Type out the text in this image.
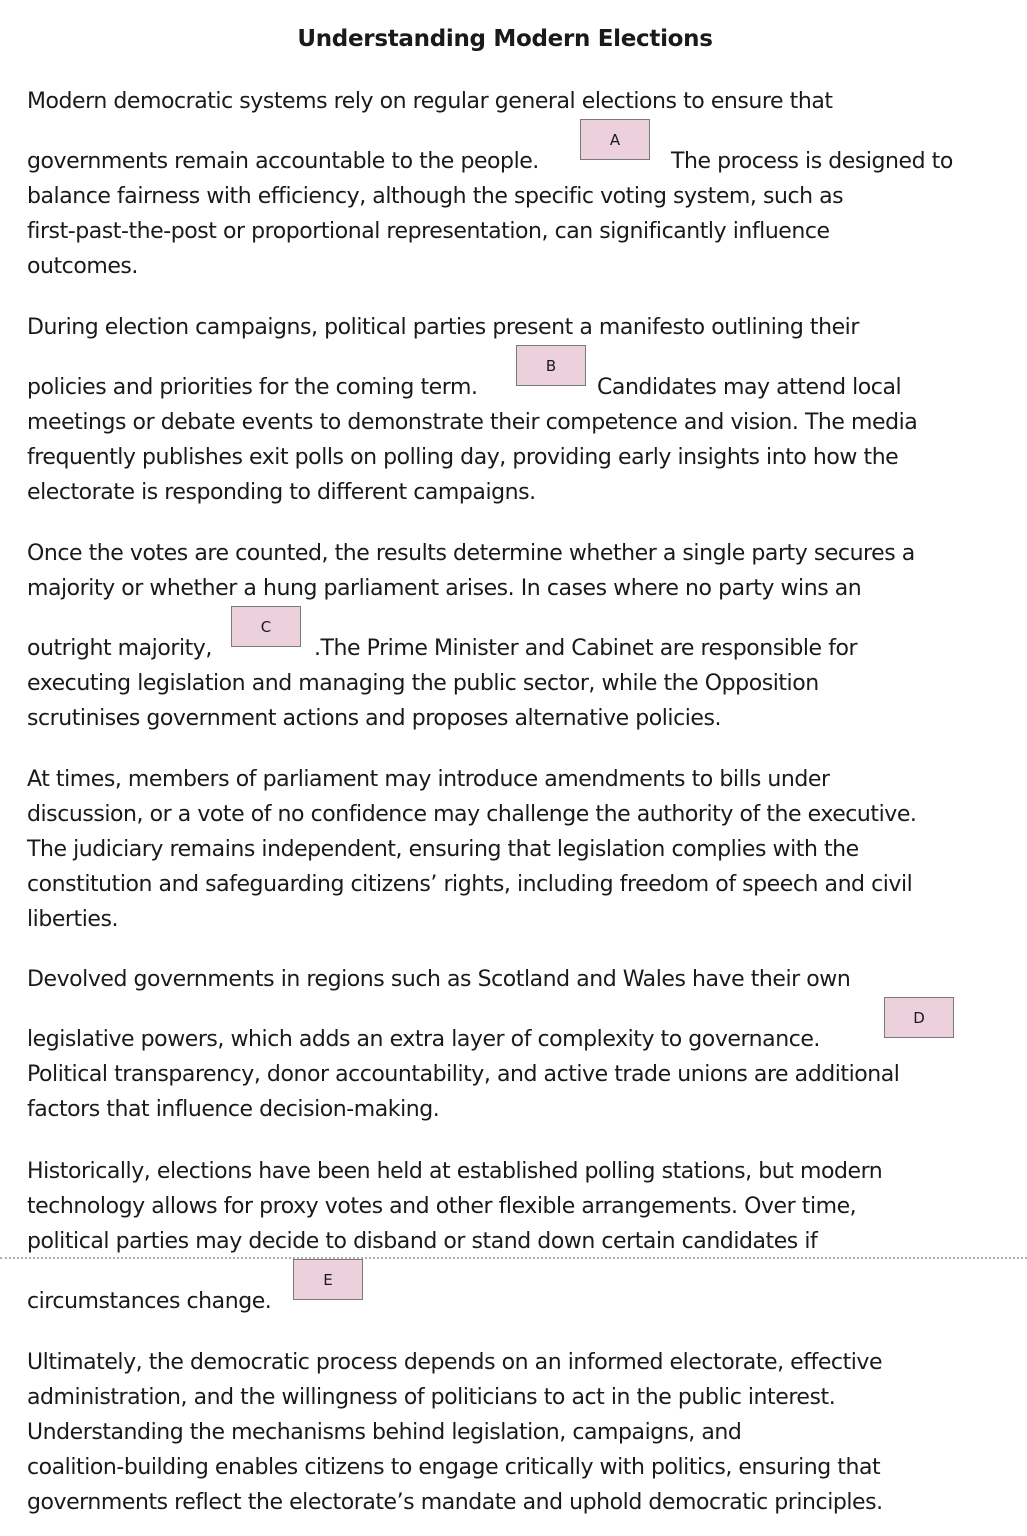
Understanding Modern Elections
Modern democratic systems rely on regular general elections to ensure that
governments remain accountable to the people.	The process is designed to
A
balance fairness with efficiency, although the specific voting system, such as
first-past-the-post or proportional representation, can significantly influence
outcomes.
During election campaigns, political parties present a manifesto outlining their
policies and priorities for the coming term.	Candidates may attend local
B
meetings or debate events to demonstrate their competence and vision. The media
frequently publishes exit polls on polling day, providing early insights into how the
electorate is responding to different campaigns.
Once the votes are counted, the results determine whether a single party secures a
majority or whether a hung parliament arises. In cases where no party wins an
outright majority,	.The Prime Minister and Cabinet are responsible for
C
executing legislation and managing the public sector, while the Opposition
scrutinises government actions and proposes alternative policies.
At times, members of parliament may introduce amendments to bills under
discussion, or a vote of no confidence may challenge the authority of the executive.
The judiciary remains independent, ensuring that legislation complies with the
constitution and safeguarding citizens’ rights, including freedom of speech and civil
liberties.
Devolved governments in regions such as Scotland and Wales have their own
legislative powers, which adds an extra layer of complexity to governance.
D
Political transparency, donor accountability, and active trade unions are additional
factors that influence decision-making.
Historically, elections have been held at established polling stations, but modern
technology allows for proxy votes and other flexible arrangements. Over time,
political parties may decide to disband or stand down certain candidates if
circumstances change.
E
Ultimately, the democratic process depends on an informed electorate, effective
administration, and the willingness of politicians to act in the public interest.
Understanding the mechanisms behind legislation, campaigns, and
coalition-building enables citizens to engage critically with politics, ensuring that
governments reflect the electorate’s mandate and uphold democratic principles.
